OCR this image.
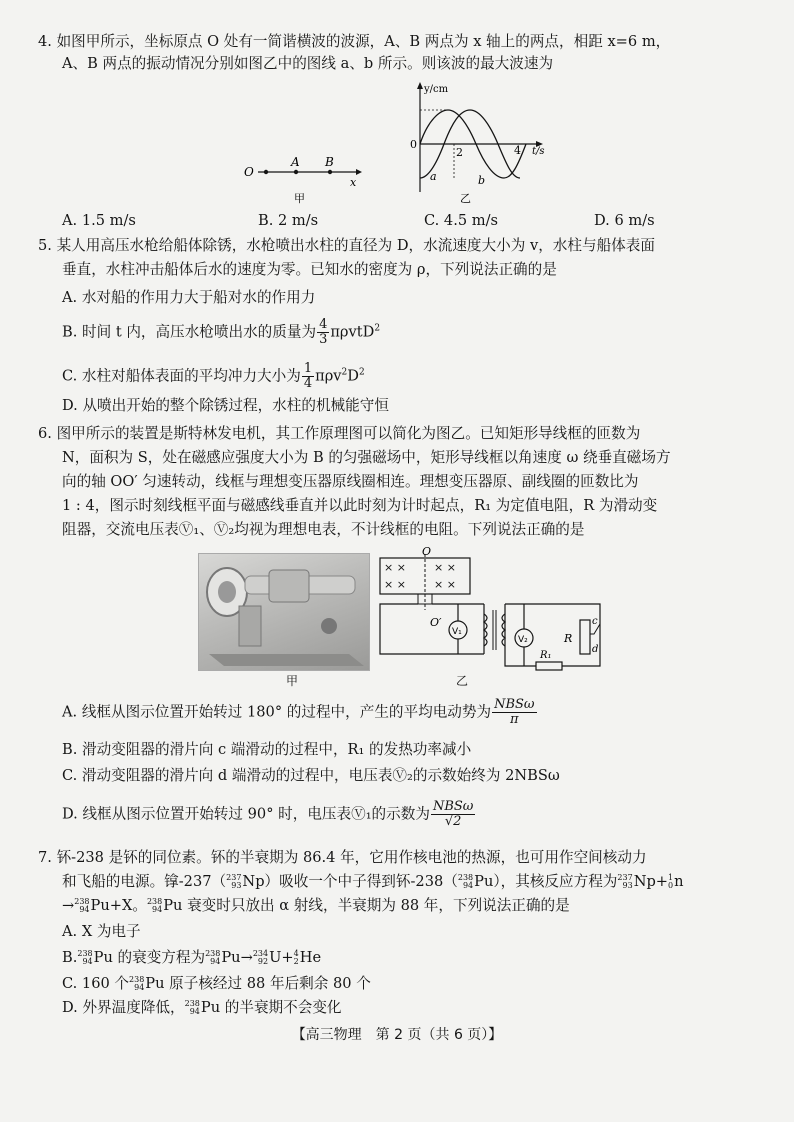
4. 如图甲所示，坐标原点 O 处有一简谐横波的波源，A、B 两点为 x 轴上的两点，相距 x=6 m，
A、B 两点的振动情况分别如图乙中的图线 a、b 所示。则该波的最大波速为
O
A B
x
甲
y/cm
0
2	4 t/s
a	b
乙
A. 1.5 m/s	B. 2 m/s	C. 4.5 m/s	D. 6 m/s
5. 某人用高压水枪给船体除锈，水枪喷出水柱的直径为 D，水流速度大小为 v，水柱与船体表面
垂直，水柱冲击船体后水的速度为零。已知水的密度为 ρ，下列说法正确的是
A. 水对船的作用力大于船对水的作用力
B. 时间 t 内，高压水枪喷出水的质量为 $\frac{4}{3} \pi\rho vtD^2$
C. 水柱对船体表面的平均冲力大小为 $\frac{1}{4} \pi\rho v^2D^2$
D. 从喷出开始的整个除锈过程，水柱的机械能守恒
6. 图甲所示的装置是斯特林发电机，其工作原理图可以简化为图乙。已知矩形导线框的匝数为
N，面积为 S，处在磁感应强度大小为 B 的匀强磁场中，矩形导线框以角速度 ω 绕垂直磁场方
向的轴 OO′ 匀速转动，线框与理想变压器原线圈相连。理想变压器原、副线圈的匝数比为
1 : 4，图示时刻线框平面与磁感线垂直并以此时刻为计时起点，R₁ 为定值电阻，R 为滑动变
阻器，交流电压表Ⓥ₁、Ⓥ₂均视为理想电表，不计线框的电阻。下列说法正确的是
甲
× ×	× ×
× ×	× ×
O
O′
V₁
V₂	R
c
d
R₁
乙
A. 线框从图示位置开始转过 180° 的过程中，产生的平均电动势为 $\frac{\text{NBSω}}{\pi}$
B. 滑动变阻器的滑片向 c 端滑动的过程中，R₁ 的发热功率减小
C. 滑动变阻器的滑片向 d 端滑动的过程中，电压表Ⓥ₂的示数始终为 2NBSω
D. 线框从图示位置开始转过 90° 时，电压表Ⓥ₁的示数为 $\frac{\text{NBSω}}{√2}$
7. 钚-238 是钚的同位素。钚的半衰期为 86.4 年，它用作核电池的热源，也可用作空间核动力
和飞船的电源。镎-237（ 237
93 Np）吸收一个中子得到钚-238（ 238
94 Pu），其核反应方程为 237
93 Np+ 1
0 n
→ 238
94 Pu+X。 238
94 Pu 衰变时只放出 α 射线，半衰期为 88 年，下列说法正确的是
A. X 为电子
B. 238
94 Pu 的衰变方程为 238
94 Pu→ 234
92 U+ 4
2 He
C. 160 个 238
94 Pu 原子核经过 88 年后剩余 80 个
D. 外界温度降低， 238
94 Pu 的半衰期不会变化
【高三物理　第 2 页（共 6 页）】
